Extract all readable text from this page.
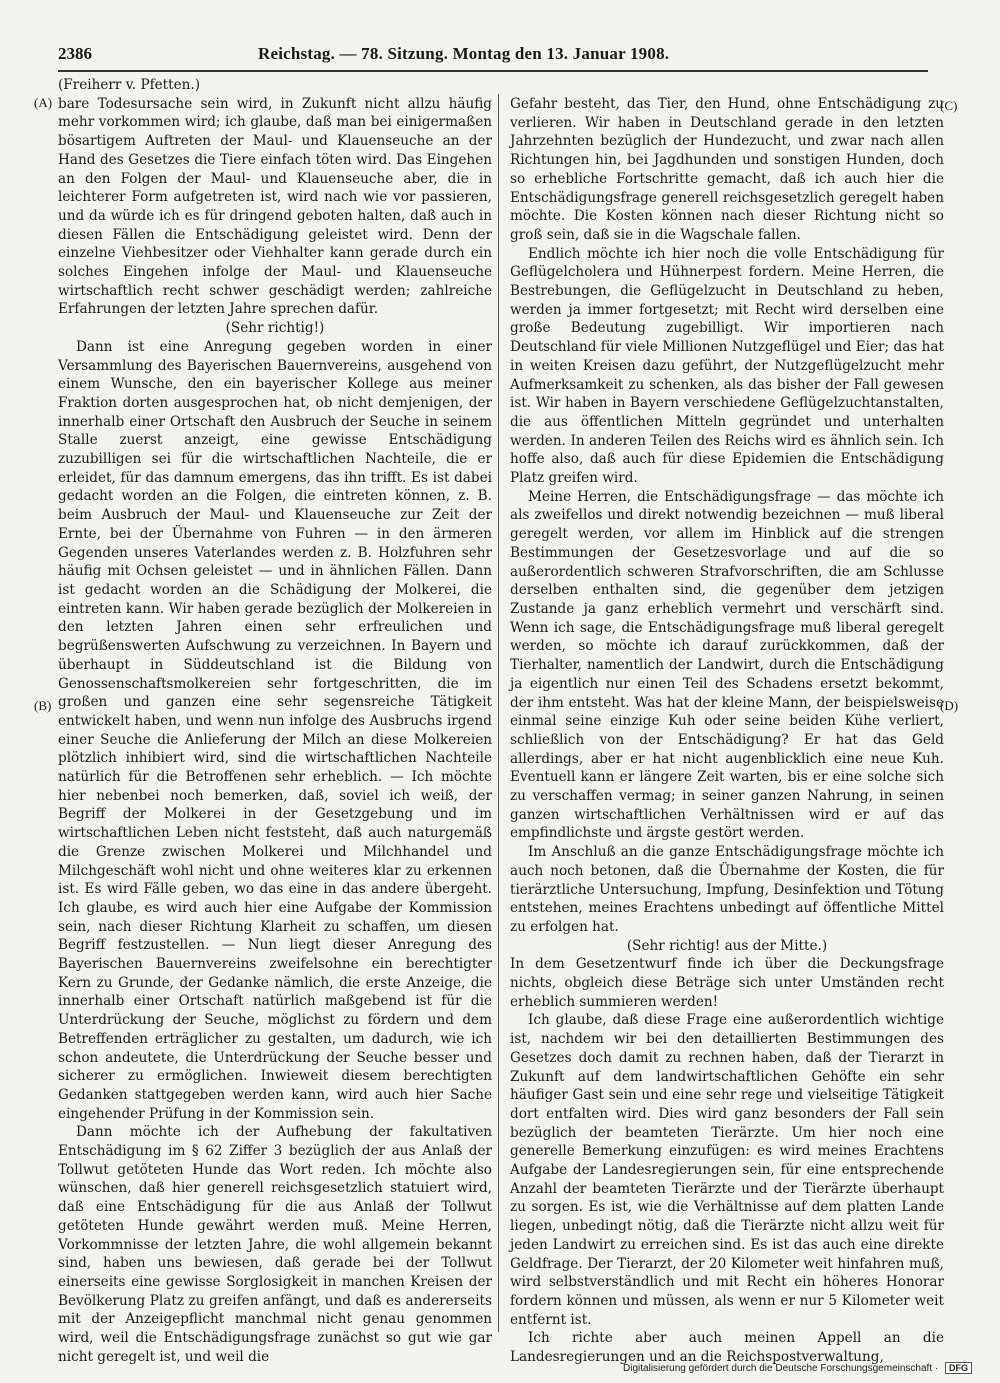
2386	Reichstag. — 78. Sitzung. Montag den 13. Januar 1908.
(A)
(B)
(C)
(D)

(Freiherr v. Pfetten.)

bare Todesursache sein wird, in Zukunft nicht allzu häufig mehr vorkommen wird; ich glaube, daß man bei einigermaßen bösartigem Auftreten der Maul- und Klauenseuche an der Hand des Gesetzes die Tiere einfach töten wird. Das Eingehen an den Folgen der Maul- und Klauenseuche aber, die in leichterer Form aufgetreten ist, wird nach wie vor passieren, und da würde ich es für dringend geboten halten, daß auch in diesen Fällen die Entschädigung geleistet wird. Denn der einzelne Viehbesitzer oder Viehhalter kann gerade durch ein solches Eingehen infolge der Maul- und Klauenseuche wirtschaftlich recht schwer geschädigt werden; zahlreiche Erfahrungen der letzten Jahre sprechen dafür.

(Sehr richtig!)

Dann ist eine Anregung gegeben worden in einer Versammlung des Bayerischen Bauernvereins, ausgehend von einem Wunsche, den ein bayerischer Kollege aus meiner Fraktion dorten ausgesprochen hat, ob nicht demjenigen, der innerhalb einer Ortschaft den Ausbruch der Seuche in seinem Stalle zuerst anzeigt, eine gewisse Entschädigung zuzubilligen sei für die wirtschaftlichen Nachteile, die er erleidet, für das damnum emergens, das ihn trifft. Es ist dabei gedacht worden an die Folgen, die eintreten können, z. B. beim Ausbruch der Maul- und Klauenseuche zur Zeit der Ernte, bei der Übernahme von Fuhren — in den ärmeren Gegenden unseres Vaterlandes werden z. B. Holzfuhren sehr häufig mit Ochsen geleistet — und in ähnlichen Fällen. Dann ist gedacht worden an die Schädigung der Molkerei, die eintreten kann. Wir haben gerade bezüglich der Molkereien in den letzten Jahren einen sehr erfreulichen und begrüßenswerten Aufschwung zu verzeichnen. In Bayern und überhaupt in Süddeutschland ist die Bildung von Genossenschaftsmolkereien sehr fortgeschritten, die im großen und ganzen eine sehr segensreiche Tätigkeit entwickelt haben, und wenn nun infolge des Ausbruchs irgend einer Seuche die Anlieferung der Milch an diese Molkereien plötzlich inhibiert wird, sind die wirtschaftlichen Nachteile natürlich für die Betroffenen sehr erheblich. — Ich möchte hier nebenbei noch bemerken, daß, soviel ich weiß, der Begriff der Molkerei in der Gesetzgebung und im wirtschaftlichen Leben nicht feststeht, daß auch naturgemäß die Grenze zwischen Molkerei und Milchhandel und Milchgeschäft wohl nicht und ohne weiteres klar zu erkennen ist. Es wird Fälle geben, wo das eine in das andere übergeht. Ich glaube, es wird auch hier eine Aufgabe der Kommission sein, nach dieser Richtung Klarheit zu schaffen, um diesen Begriff festzustellen. — Nun liegt dieser Anregung des Bayerischen Bauernvereins zweifelsohne ein berechtigter Kern zu Grunde, der Gedanke nämlich, die erste Anzeige, die innerhalb einer Ortschaft natürlich maßgebend ist für die Unterdrückung der Seuche, möglichst zu fördern und dem Betreffenden erträglicher zu gestalten, um dadurch, wie ich schon andeutete, die Unterdrückung der Seuche besser und sicherer zu ermöglichen. Inwieweit diesem berechtigten Gedanken stattgegeben werden kann, wird auch hier Sache eingehender Prüfung in der Kommission sein.

Dann möchte ich der Aufhebung der fakultativen Entschädigung im § 62 Ziffer 3 bezüglich der aus Anlaß der Tollwut getöteten Hunde das Wort reden. Ich möchte also wünschen, daß hier generell reichsgesetzlich statuiert wird, daß eine Entschädigung für die aus Anlaß der Tollwut getöteten Hunde gewährt werden muß. Meine Herren, Vorkommnisse der letzten Jahre, die wohl allgemein bekannt sind, haben uns bewiesen, daß gerade bei der Tollwut einerseits eine gewisse Sorglosigkeit in manchen Kreisen der Bevölkerung Platz zu greifen anfängt, und daß es andererseits mit der Anzeigepflicht manchmal nicht genau genommen wird, weil die Entschädigungsfrage zunächst so gut wie gar nicht geregelt ist, und weil die

Gefahr besteht, das Tier, den Hund, ohne Entschädigung zu verlieren. Wir haben in Deutschland gerade in den letzten Jahrzehnten bezüglich der Hundezucht, und zwar nach allen Richtungen hin, bei Jagdhunden und sonstigen Hunden, doch so erhebliche Fortschritte gemacht, daß ich auch hier die Entschädigungsfrage generell reichsgesetzlich geregelt haben möchte. Die Kosten können nach dieser Richtung nicht so groß sein, daß sie in die Wagschale fallen.

Endlich möchte ich hier noch die volle Entschädigung für Geflügelcholera und Hühnerpest fordern. Meine Herren, die Bestrebungen, die Geflügelzucht in Deutschland zu heben, werden ja immer fortgesetzt; mit Recht wird derselben eine große Bedeutung zugebilligt. Wir importieren nach Deutschland für viele Millionen Nutzgeflügel und Eier; das hat in weiten Kreisen dazu geführt, der Nutzgeflügelzucht mehr Aufmerksamkeit zu schenken, als das bisher der Fall gewesen ist. Wir haben in Bayern verschiedene Geflügelzuchtanstalten, die aus öffentlichen Mitteln gegründet und unterhalten werden. In anderen Teilen des Reichs wird es ähnlich sein. Ich hoffe also, daß auch für diese Epidemien die Entschädigung Platz greifen wird.

Meine Herren, die Entschädigungsfrage — das möchte ich als zweifellos und direkt notwendig bezeichnen — muß liberal geregelt werden, vor allem im Hinblick auf die strengen Bestimmungen der Gesetzesvorlage und auf die so außerordentlich schweren Strafvorschriften, die am Schlusse derselben enthalten sind, die gegenüber dem jetzigen Zustande ja ganz erheblich vermehrt und verschärft sind. Wenn ich sage, die Entschädigungsfrage muß liberal geregelt werden, so möchte ich darauf zurückkommen, daß der Tierhalter, namentlich der Landwirt, durch die Entschädigung ja eigentlich nur einen Teil des Schadens ersetzt bekommt, der ihm entsteht. Was hat der kleine Mann, der beispielsweise einmal seine einzige Kuh oder seine beiden Kühe verliert, schließlich von der Entschädigung? Er hat das Geld allerdings, aber er hat nicht augenblicklich eine neue Kuh. Eventuell kann er längere Zeit warten, bis er eine solche sich zu verschaffen vermag; in seiner ganzen Nahrung, in seinen ganzen wirtschaftlichen Verhältnissen wird er auf das empfindlichste und ärgste gestört werden.

Im Anschluß an die ganze Entschädigungsfrage möchte ich auch noch betonen, daß die Übernahme der Kosten, die für tierärztliche Untersuchung, Impfung, Desinfektion und Tötung entstehen, meines Erachtens unbedingt auf öffentliche Mittel zu erfolgen hat.

(Sehr richtig! aus der Mitte.)

In dem Gesetzentwurf finde ich über die Deckungsfrage nichts, obgleich diese Beträge sich unter Umständen recht erheblich summieren werden!

Ich glaube, daß diese Frage eine außerordentlich wichtige ist, nachdem wir bei den detaillierten Bestimmungen des Gesetzes doch damit zu rechnen haben, daß der Tierarzt in Zukunft auf dem landwirtschaftlichen Gehöfte ein sehr häufiger Gast sein und eine sehr rege und vielseitige Tätigkeit dort entfalten wird. Dies wird ganz besonders der Fall sein bezüglich der beamteten Tierärzte. Um hier noch eine generelle Bemerkung einzufügen: es wird meines Erachtens Aufgabe der Landesregierungen sein, für eine entsprechende Anzahl der beamteten Tierärzte und der Tierärzte überhaupt zu sorgen. Es ist, wie die Verhältnisse auf dem platten Lande liegen, unbedingt nötig, daß die Tierärzte nicht allzu weit für jeden Landwirt zu erreichen sind. Es ist das auch eine direkte Geldfrage. Der Tierarzt, der 20 Kilometer weit hinfahren muß, wird selbstverständlich und mit Recht ein höheres Honorar fordern können und müssen, als wenn er nur 5 Kilometer weit entfernt ist.

Ich richte aber auch meinen Appell an die Landesregierungen und an die Reichspostverwaltung,

Digitalisierung gefördert durch die Deutsche Forschungsgemeinschaft · DFG
